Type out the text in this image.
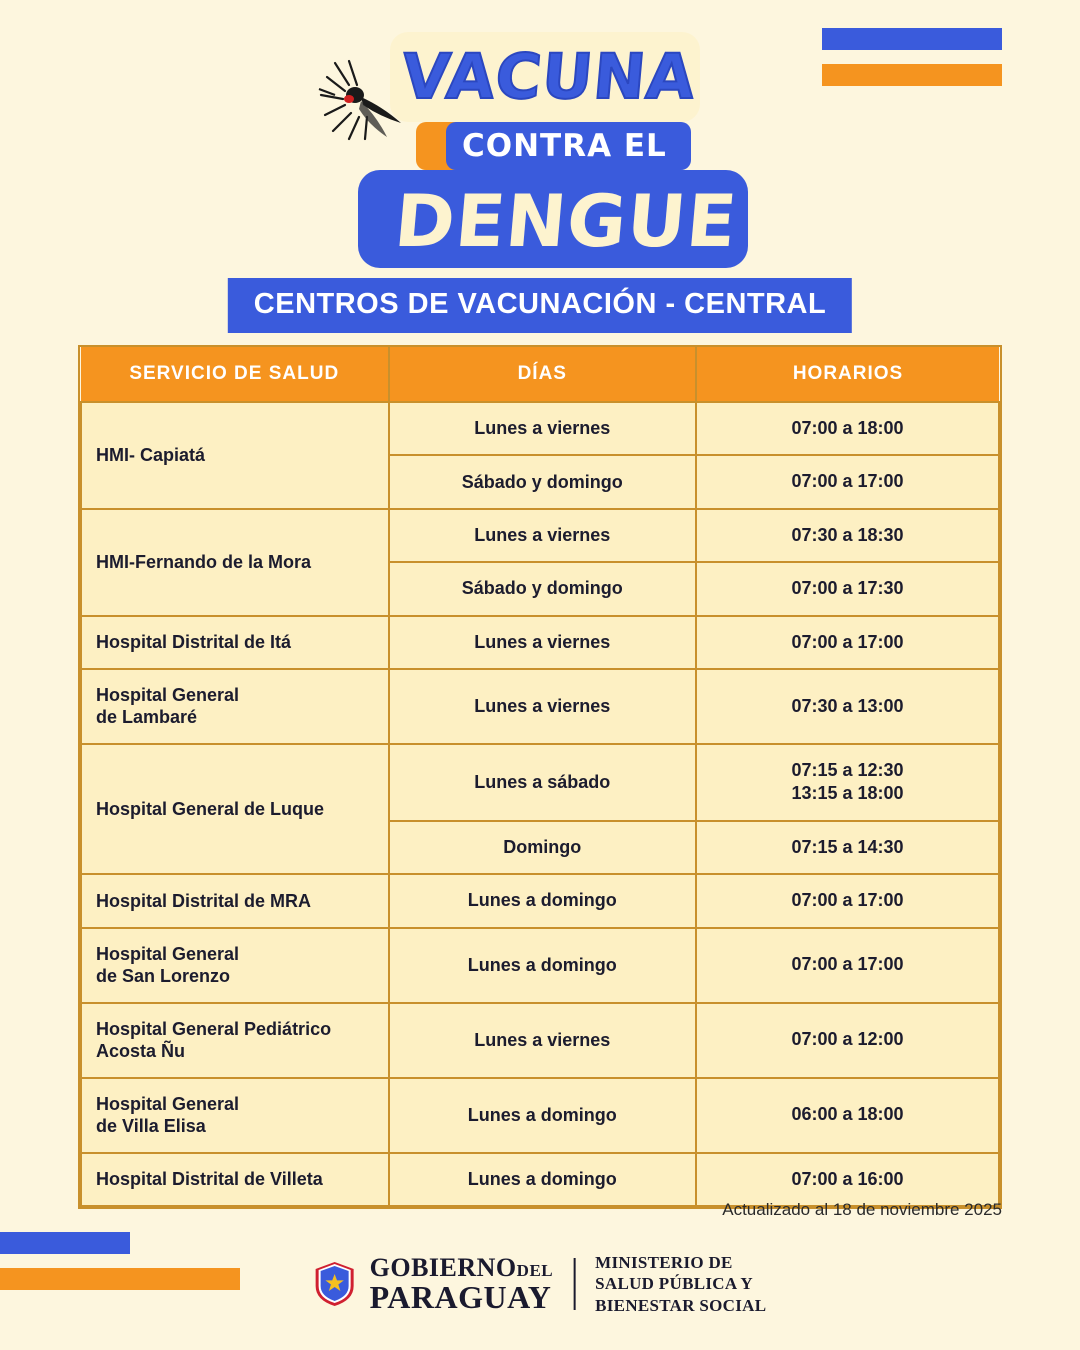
VACUNA
CONTRA EL
DENGUE
CENTROS DE VACUNACIÓN - CENTRAL
SERVICIO DE SALUD	DÍAS	HORARIOS
HMI- Capiatá	Lunes a viernes	07:00 a 18:00
	Sábado y domingo	07:00 a 17:00
HMI-Fernando de la Mora	Lunes a viernes	07:30 a 18:30
	Sábado y domingo	07:00 a 17:30
Hospital Distrital de Itá	Lunes a viernes	07:00 a 17:00
Hospital General
de Lambaré	Lunes a viernes	07:30 a 13:00
Hospital General de Luque	Lunes a sábado	07:15 a 12:30
13:15 a 18:00
	Domingo	07:15 a 14:30
Hospital Distrital de MRA	Lunes a domingo	07:00 a 17:00
Hospital General
de San Lorenzo	Lunes a domingo	07:00 a 17:00
Hospital General Pediátrico
Acosta Ñu	Lunes a viernes	07:00 a 12:00
Hospital General
de Villa Elisa	Lunes a domingo	06:00 a 18:00
Hospital Distrital de Villeta	Lunes a domingo	07:00 a 16:00
Actualizado al 18 de noviembre 2025
GOBIERNODEL
PARAGUAY
MINISTERIO DE
SALUD PÚBLICA Y
BIENESTAR SOCIAL
